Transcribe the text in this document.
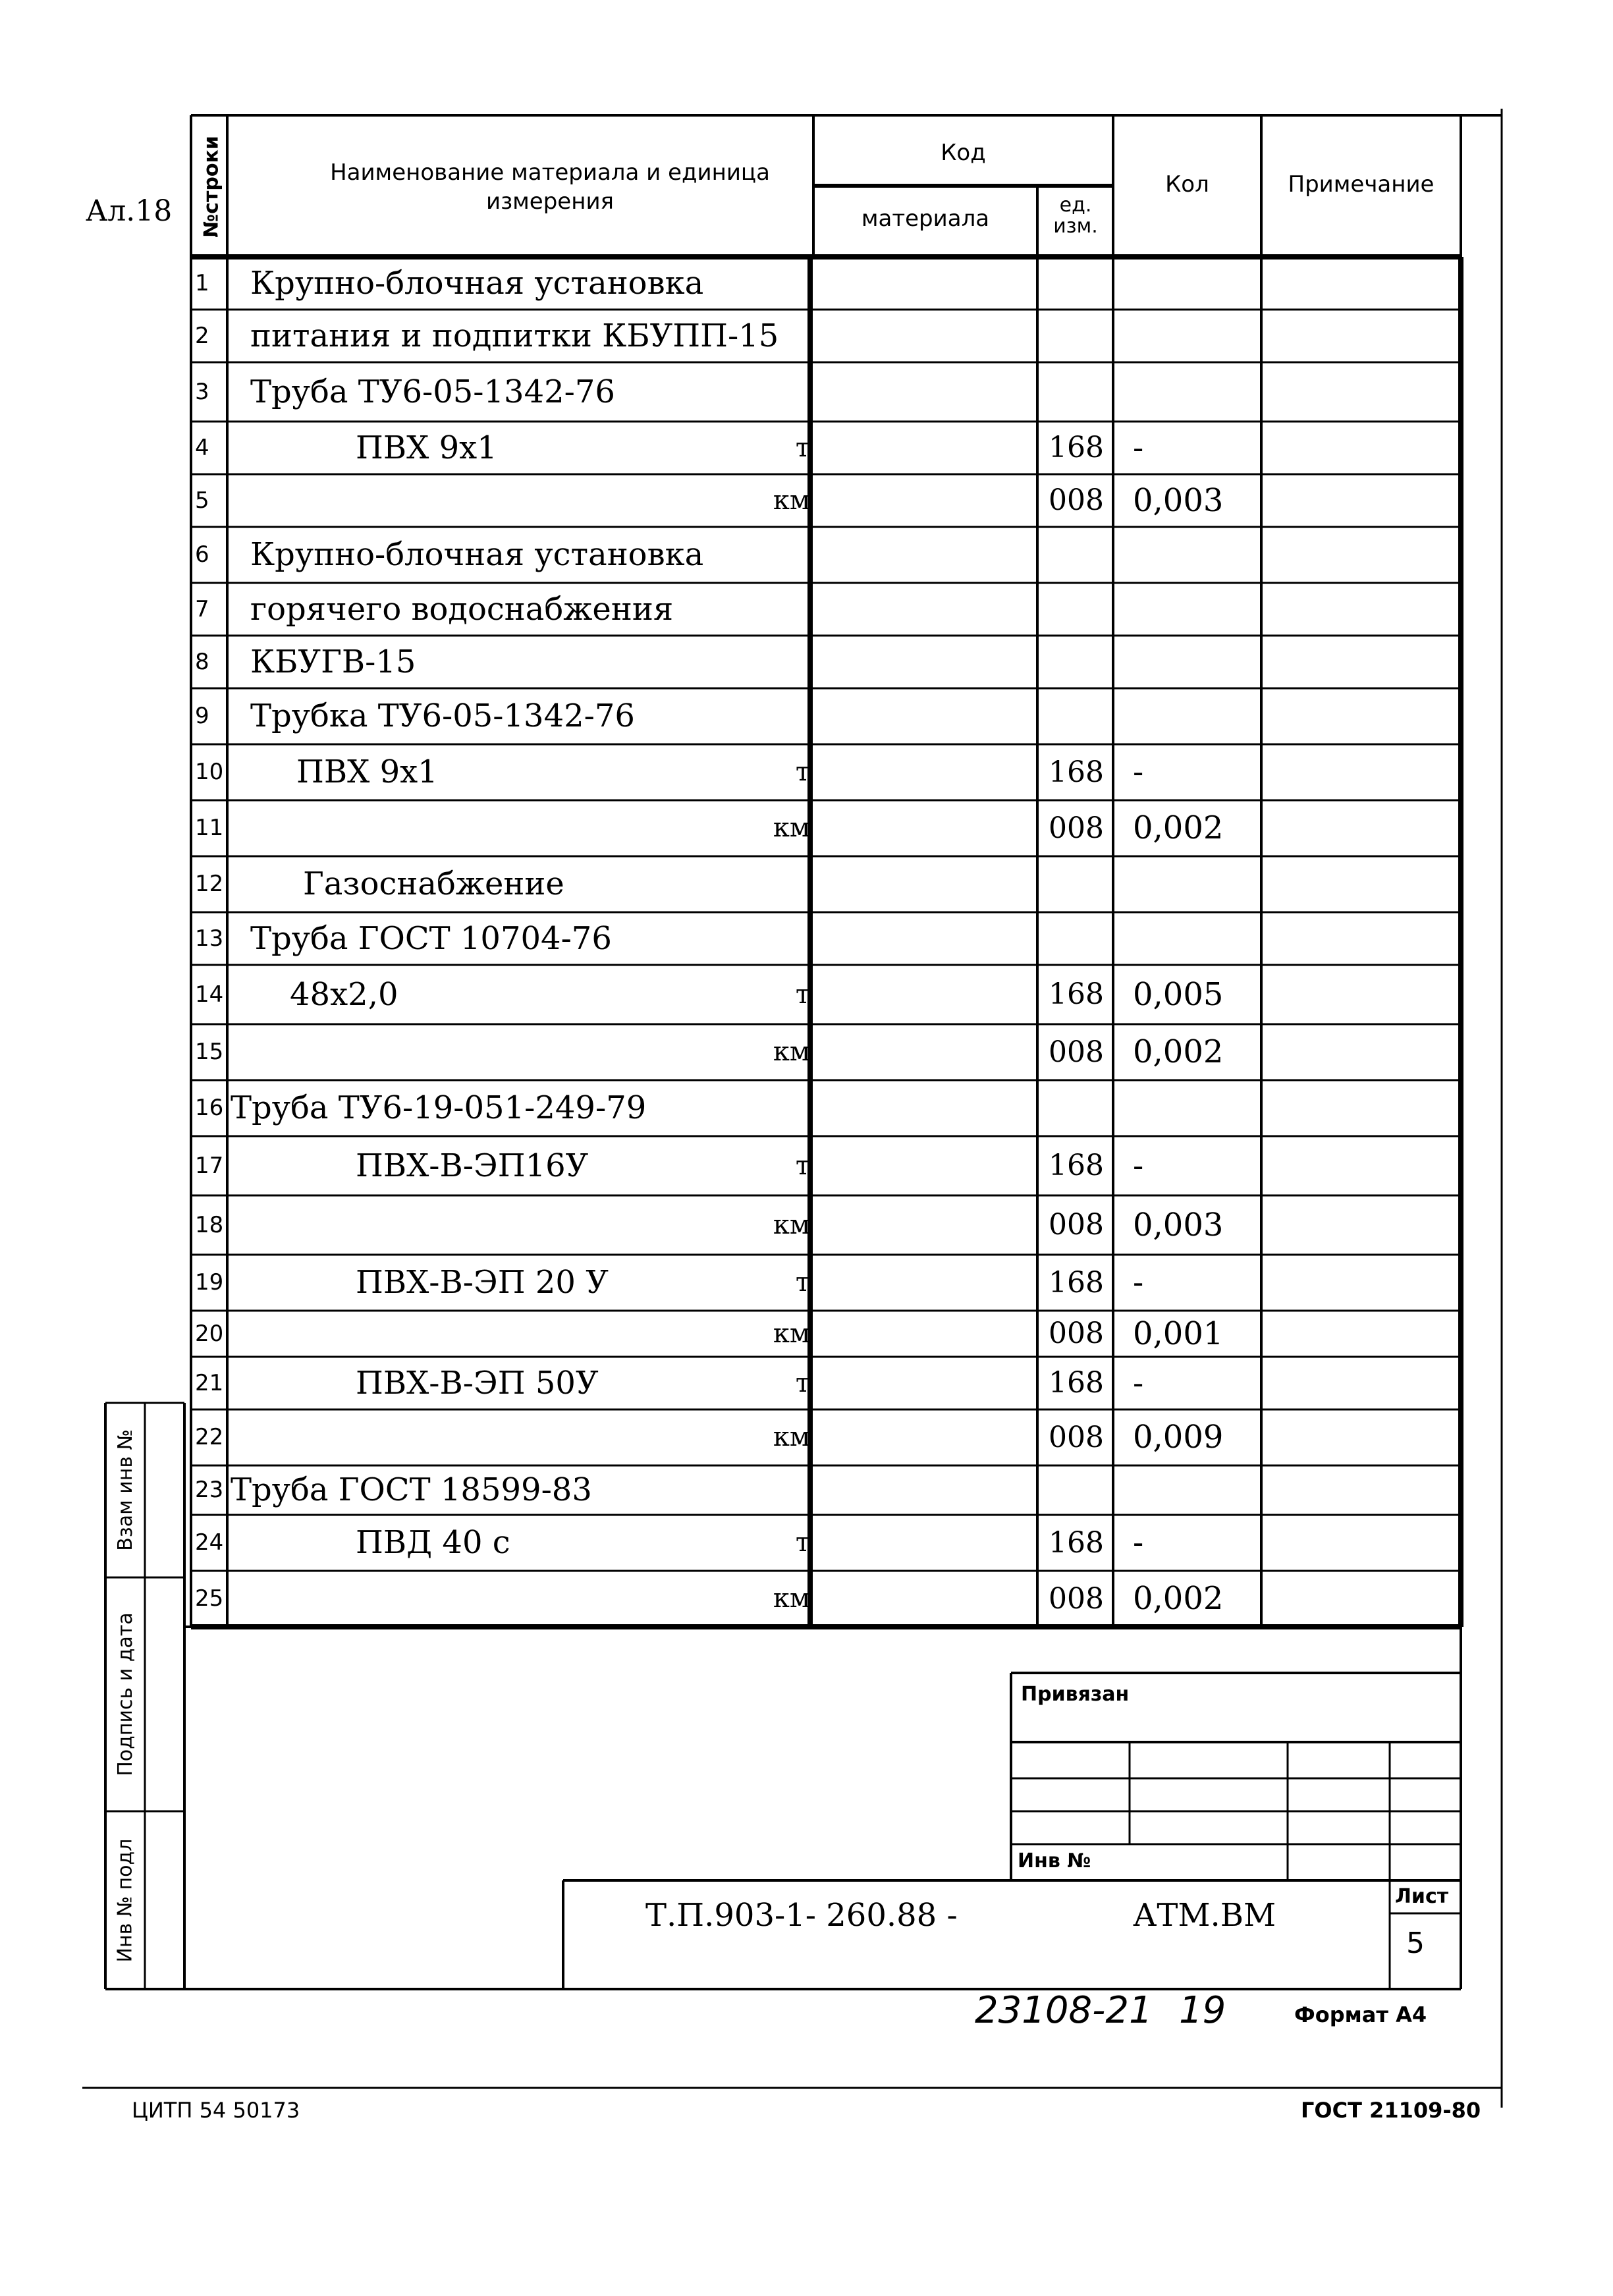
Ал.18
Наименование материала и единица измерения
№строки	Код
материала
ед. изм.
Кол	Примечание
1	Крупно-блочная установка
2	питания и подпитки КБУПП-15
3	Труба ТУ6-05-1342-76
4	ПВХ 9х1	т	168 -
5	км	008 0,003
6	Крупно-блочная установка
7	горячего водоснабжения
8	КБУГВ-15
9	Трубка ТУ6-05-1342-76
10 ПВХ 9х1	т	168 -
11	км	008 0,002
12	Газоснабжение
13 Труба ГОСТ 10704-76
14 48х2,0	т	168 0,005
15	км	008 0,002
16 Труба ТУ6-19-051-249-79
17	ПВХ-В-ЭП16У	т	168 -
18	км	008 0,003
19	ПВХ-В-ЭП 20 У	т	168 -
20	км	008 0,001
21	ПВХ-В-ЭП 50У	т	168 -
22	км	008 0,009
23 Труба ГОСТ 18599-83
24	ПВД 40 с	т	168 -
25	км	008 0,002
Взам инв №
Подпись и дата
Инв № подл
Привязан
Инв №
Т.П.903-1- 260.88 -	АТМ.ВМ
Лист
5
23108-21 19	Формат А4
ЦИТП 54 50173	ГОСТ 21109-80
